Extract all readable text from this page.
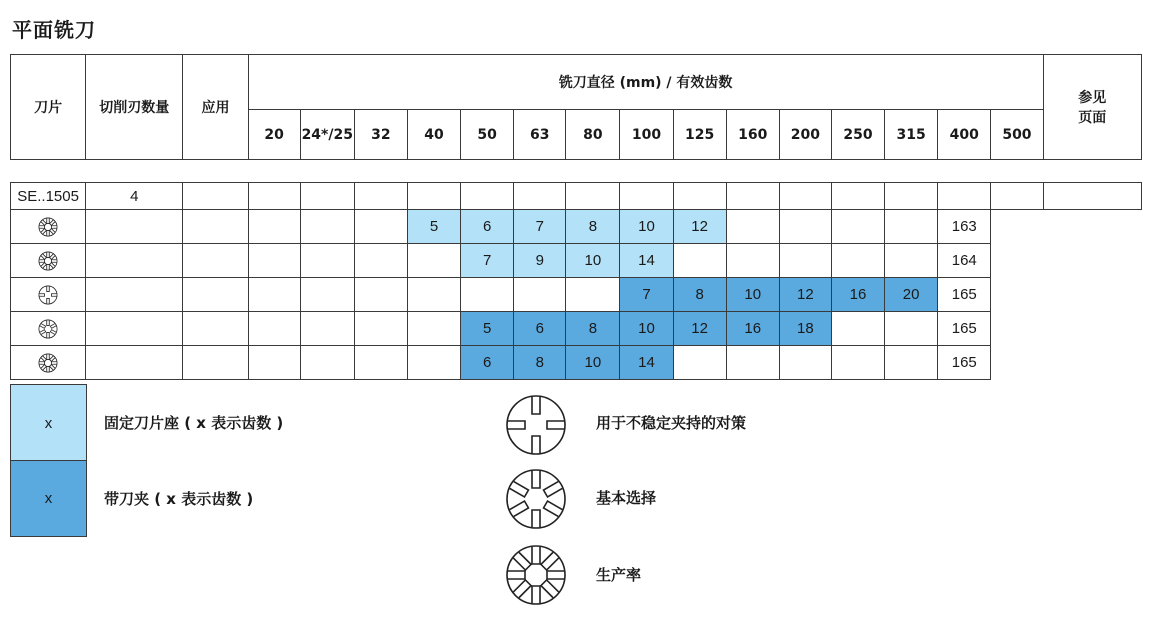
平面铣刀
刀片	切削刃数量	应用	铣刀直径 (mm) / 有效齿数															参见
页面

			20	24*/25	32	40	50	63	80	100	125	160	200	250	315	400	500	

SE..1505	4																	

						5	6	7	8	10	12					163		

							7	9	10	14						164		

										7	8	10	12	16	20	165		

							5	6	8	10	12	16	18			165		

							6	8	10	14						165		
x
x
固定刀片座 ( x 表示齿数 )
带刀夹 ( x 表示齿数 )
用于不稳定夹持的对策
基本选择
生产率
